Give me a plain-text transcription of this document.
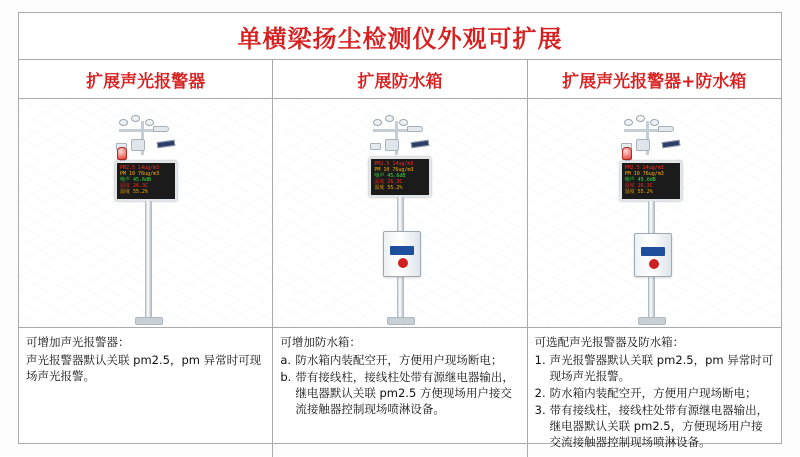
单横梁扬尘检测仪外观可扩展
扩展声光报警器	扩展防水箱	扩展声光报警器+防水箱
PM2.5 14ug/m3
PM 10 76ug/m3
噪声 45.6dB
温度 26.3C
湿度 55.2%
PM2.5 14ug/m3
PM 10 76ug/m3
噪声 45.6dB
温度 26.3C
湿度 55.2%
PM2.5 14ug/m3
PM 10 76ug/m3
噪声 45.6dB
温度 26.3C
湿度 55.2%

可增加声光报警器：

声光报警器默认关联 pm2.5，pm 异常时可现场声光报警。

可增加防水箱：

a. 防水箱内装配空开，方便用户现场断电；
b. 带有接线柱，接线柱处带有源继电器输出，继电器默认关联 pm2.5 方便现场用户接交流接触器控制现场喷淋设备。

可选配声光报警器及防水箱：

1. 声光报警器默认关联 pm2.5，pm 异常时可现场声光报警。
2. 防水箱内装配空开，方便用户现场断电；
3. 带有接线柱，接线柱处带有源继电器输出，继电器默认关联 pm2.5，方便现场用户接交流接触器控制现场喷淋设备。
